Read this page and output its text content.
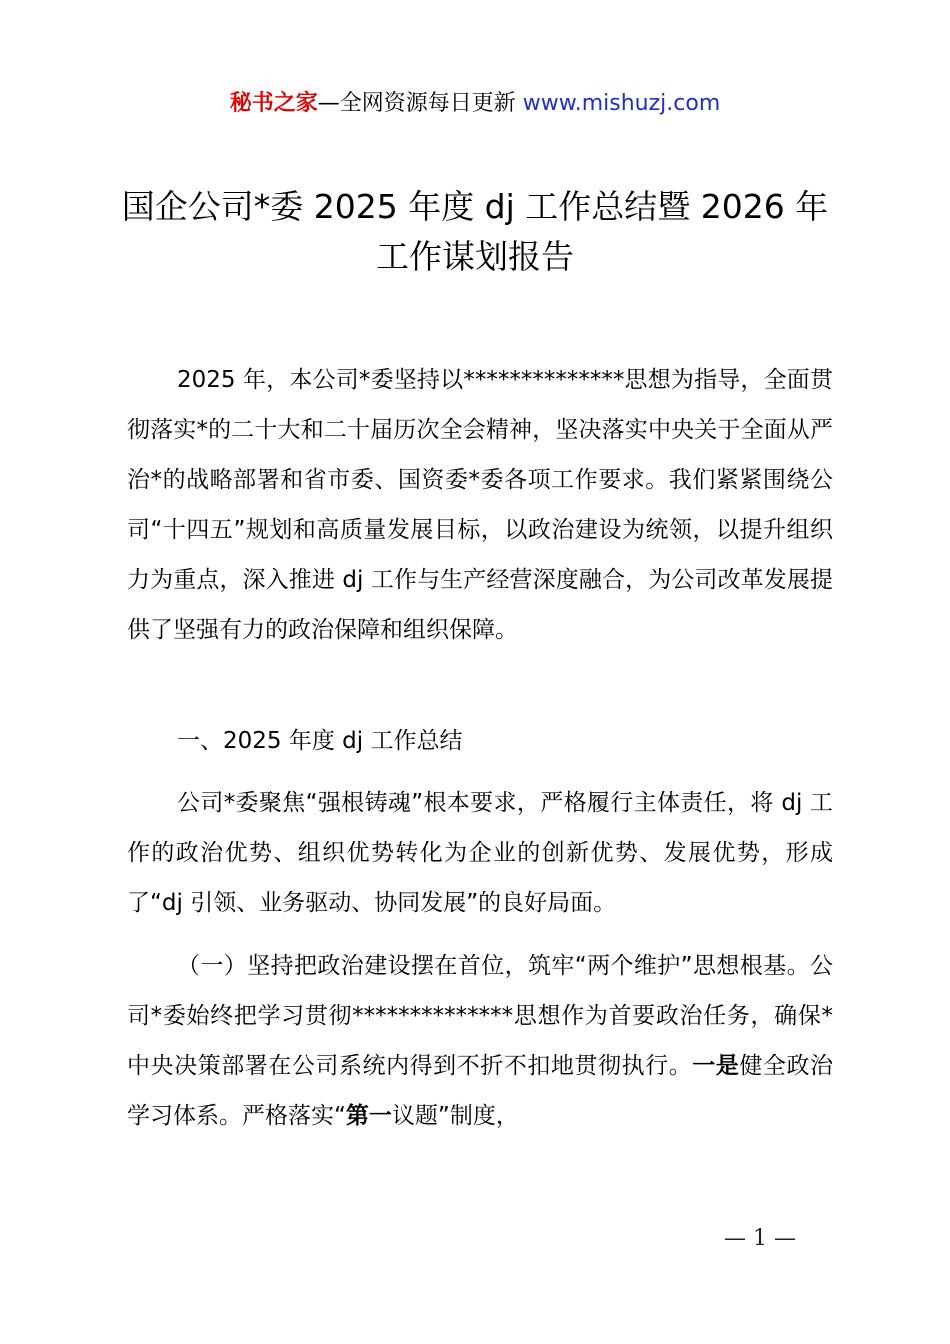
秘书之家—全网资源每日更新 www.mishuzj.com
国企公司*委 2025 年度 dj 工作总结暨 2026 年
工作谋划报告

2025 年，本公司*委坚持以**************思想为指导，全面贯彻落实*的二十大和二十届历次全会精神，坚决落实中央关于全面从严治*的战略部署和省市委、国资委*委各项工作要求。我们紧紧围绕公司“十四五”规划和高质量发展目标，以政治建设为统领，以提升组织力为重点，深入推进 dj 工作与生产经营深度融合，为公司改革发展提供了坚强有力的政治保障和组织保障。

一、2025 年度 dj 工作总结

公司*委聚焦“强根铸魂”根本要求，严格履行主体责任，将 dj 工作的政治优势、组织优势转化为企业的创新优势、发展优势，形成了“dj 引领、业务驱动、协同发展”的良好局面。

（一）坚持把政治建设摆在首位，筑牢“两个维护”思想根基。公司*委始终把学习贯彻**************思想作为首要政治任务，确保*中央决策部署在公司系统内得到不折不扣地贯彻执行。一是健全政治学习体系。严格落实“第一议题”制度，

— 1 —
